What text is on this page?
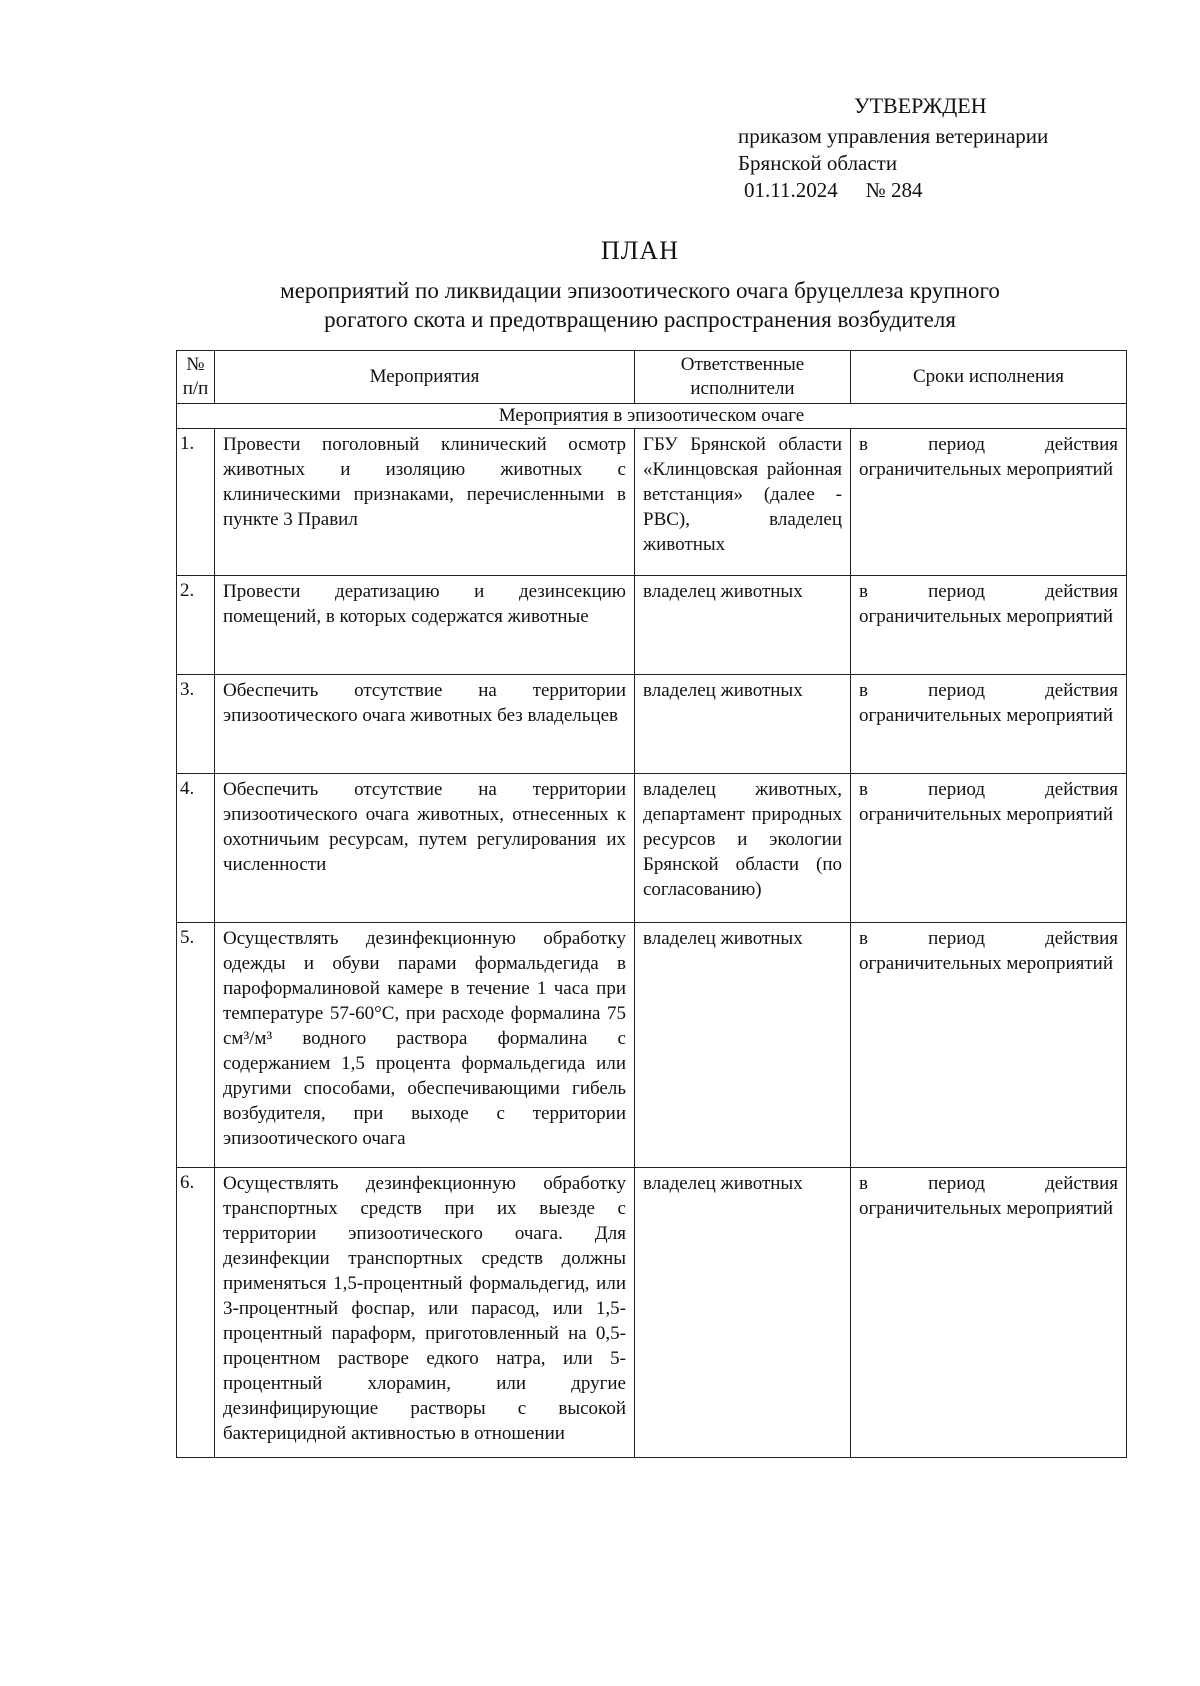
УТВЕРЖДЕН
приказом управления ветеринарии
Брянской области
01.11.2024 № 284
ПЛАН
мероприятий по ликвидации эпизоотического очага бруцеллеза крупного
рогатого скота и предотвращению распространения возбудителя
№ п/п	Мероприятия	Ответственные исполнители	Сроки исполнения
Мероприятия в эпизоотическом очаге			
1.	Провести поголовный клинический осмотр животных и изоляцию животных с клиническими признаками, перечисленными в пункте 3 Правил	ГБУ Брянской области «Клинцовская районная ветстанция» (далее - РВС), владелец животных	в период действия ограничительных мероприятий
2.	Провести дератизацию и дезинсекцию помещений, в которых содержатся животные	владелец животных	в период действия ограничительных мероприятий
3.	Обеспечить отсутствие на территории эпизоотического очага животных без владельцев	владелец животных	в период действия ограничительных мероприятий
4.	Обеспечить отсутствие на территории эпизоотического очага животных, отнесенных к охотничьим ресурсам, путем регулирования их численности	владелец животных, департамент природных ресурсов и экологии Брянской области (по согласованию)	в период действия ограничительных мероприятий
5.	Осуществлять дезинфекционную обработку одежды и обуви парами формальдегида в пароформалиновой камере в течение 1 часа при температуре 57-60°С, при расходе формалина 75 см³/м³ водного раствора формалина с содержанием 1,5 процента формальдегида или другими способами, обеспечивающими гибель возбудителя, при выходе с территории эпизоотического очага	владелец животных	в период действия ограничительных мероприятий
6.	Осуществлять дезинфекционную обработку транспортных средств при их выезде с территории эпизоотического очага. Для дезинфекции транспортных средств должны применяться 1,5-процентный формальдегид, или 3-процентный фоспар, или парасод, или 1,5-процентный параформ, приготовленный на 0,5-процентном растворе едкого натра, или 5-процентный хлорамин, или другие дезинфицирующие растворы с высокой бактерицидной активностью в отношении	владелец животных	в период действия ограничительных мероприятий
